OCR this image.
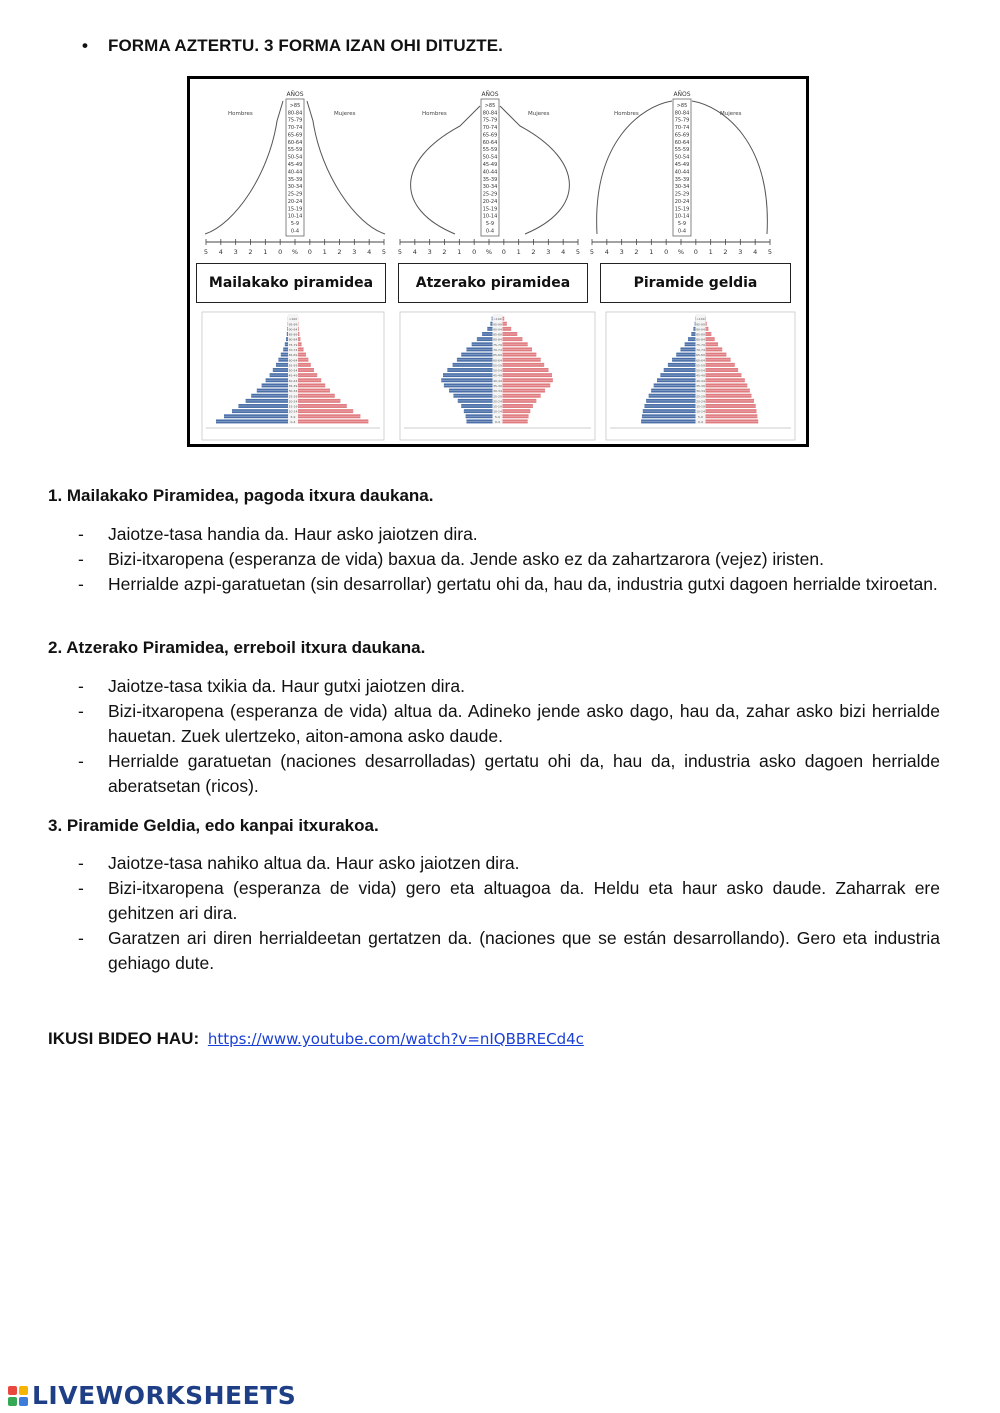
• FORMA AZTERTU. 3 FORMA IZAN OHI DITUZTE.
>85
80-84
75-79
70-74
65-69
60-64
55-59
50-54
45-49
40-44
35-39
30-34
25-29
20-24
15-19
10-14
5-9
0-4
AÑOS
Hombres	Mujeres
5 4 3 2 1 0 % 0 1 2 3 4 5
>85
80-84
75-79
70-74
65-69
60-64
55-59
50-54
45-49
40-44
35-39
30-34
25-29
20-24
15-19
10-14
5-9
0-4
AÑOS
Hombres	Mujeres
5 4 3 2 1 0 % 0 1 2 3 4 5
>85
80-84
75-79
70-74
65-69
60-64
55-59
50-54
45-49
40-44
35-39
30-34
25-29
20-24
15-19
10-14
5-9
0-4
AÑOS
Hombres	Mujeres
5 4 3 2 1 0 % 0 1 2 3 4 5
0-4
5-9
10-14
15-19
20-24
25-29
30-34
35-39
40-44
45-49
50-54
55-59
60-64
65-69
70-74
75-79
80-84
85-89
90-94
95-99
>100
0-4
5-9
10-14
15-19
20-24
25-29
30-34
35-39
40-44
45-49
50-54
55-59
60-64
65-69
70-74
75-79
80-84
85-89
90-94
95-99
>100
0-4
5-9
10-14
15-19
20-24
25-29
30-34
35-39
40-44
45-49
50-54
55-59
60-64
65-69
70-74
75-79
80-84
85-89
90-94
95-99
>100
Mailakako piramidea	Atzerako piramidea	Piramide geldia
1. Mailakako Piramidea, pagoda itxura daukana.
- Jaiotze-tasa handia da. Haur asko jaiotzen dira.
- Bizi-itxaropena (esperanza de vida) baxua da. Jende asko ez da zahartzarora (vejez) iristen.
- Herrialde azpi-garatuetan (sin desarrollar) gertatu ohi da, hau da, industria gutxi dagoen herrialde txiroetan.
2. Atzerako Piramidea, erreboil itxura daukana.
- Jaiotze-tasa txikia da. Haur gutxi jaiotzen dira.
- Bizi-itxaropena (esperanza de vida) altua da. Adineko jende asko dago, hau da, zahar asko bizi herrialde hauetan. Zuek ulertzeko, aiton-amona asko daude.
- Herrialde garatuetan (naciones desarrolladas) gertatu ohi da, hau da, industria asko dagoen herrialde aberatsetan (ricos).
3. Piramide Geldia, edo kanpai itxurakoa.
- Jaiotze-tasa nahiko altua da. Haur asko jaiotzen dira.
- Bizi-itxaropena (esperanza de vida) gero eta altuagoa da. Heldu eta haur asko daude. Zaharrak ere gehitzen ari dira.
- Garatzen ari diren herrialdeetan gertatzen da. (naciones que se están desarrollando). Gero eta industria gehiago dute.
IKUSI BIDEO HAU: https://www.youtube.com/watch?v=nIQBBRECd4c
LIVEWORKSHEETS
